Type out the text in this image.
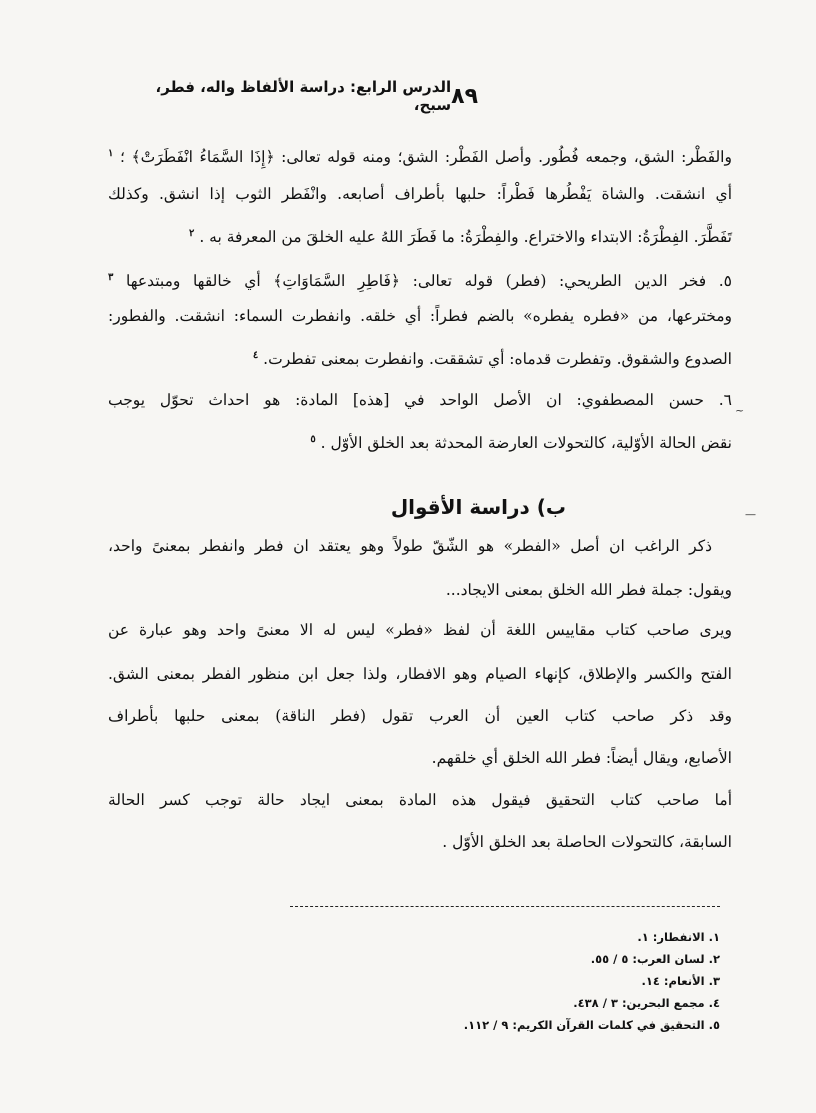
الدرس الرابع: دراسة الألفاظ واله، فطر، سبح، ٨٩
والفَطْر: الشق، وجمعه فُطُور. وأصل الفَطْر: الشق؛ ومنه قوله تعالى: ﴿إِذَا السَّمَاءُ انْفَطَرَتْ﴾ ؛ $^١$
أي انشقت. والشاة يَفْطُرها فَطْراً: حلبها بأطراف أصابعه. وانْفَطر الثوب إذا انشق. وكذلك
تَفَطَّرَ. الفِطْرَةُ: الابتداء والاختراع. والفِطْرَةُ: ما فَطَرَ اللهُ عليه الخلقَ من المعرفة به . $^٢$
٥. فخر الدين الطريحي: (فطر) قوله تعالى: ﴿فَاطِرِ السَّمَاوَاتِ﴾ أي خالقها ومبتدعها $^٣$
ومخترعها، من «فطره يفطره» بالضم فطراً: أي خلقه. وانفطرت السماء: انشقت. والفطور:
الصدوع والشقوق. وتفطرت قدماه: أي تشققت. وانفطرت بمعنى تفطرت. $^٤$
٦. حسن المصطفوي: ان الأصل الواحد في [هذه] المادة: هو احداث تحوّل يوجب
نقض الحالة الأوّلية، كالتحولات العارضة المحدثة بعد الخلق الأوّل . $^٥$
~
—
ب) دراسة الأقوال
ذكر الراغب ان أصل «الفطر» هو الشّقّ طولاً وهو يعتقد ان فطر وانفطر بمعنىً واحد،
ويقول: جملة فطر الله الخلق بمعنى الايجاد...
ويرى صاحب كتاب مقاييس اللغة أن لفظ «فطر» ليس له الا معنىً واحد وهو عبارة عن
الفتح والكسر والإطلاق، كإنهاء الصيام وهو الافطار، ولذا جعل ابن منظور الفطر بمعنى الشق.
وقد ذكر صاحب كتاب العين أن العرب تقول (فطر الناقة) بمعنى حلبها بأطراف
الأصابع، ويقال أيضاً: فطر الله الخلق أي خلقهم.
أما صاحب كتاب التحقيق فيقول هذه المادة بمعنى ايجاد حالة توجب كسر الحالة
السابقة، كالتحولات الحاصلة بعد الخلق الأوّل .
١. الانفطار: ١.
٢. لسان العرب: ٥ / ٥٥.
٣. الأنعام: ١٤.
٤. مجمع البحرين: ٣ / ٤٣٨.
٥. التحقيق في كلمات القرآن الكريم: ٩ / ١١٢.
